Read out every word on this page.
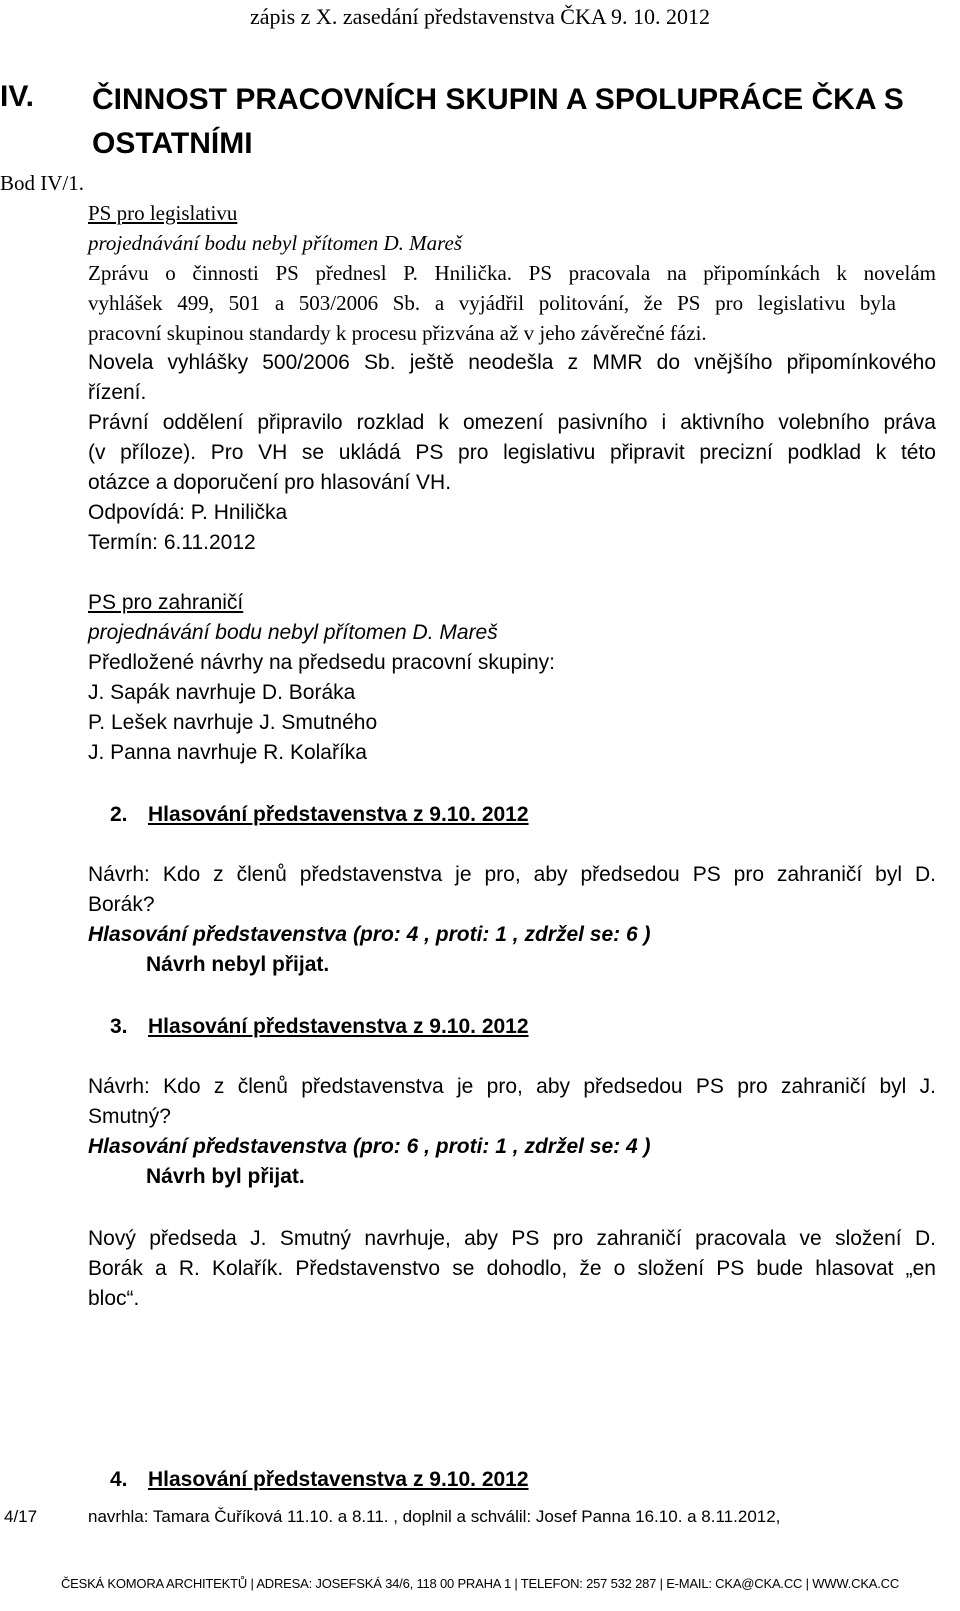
zápis z X. zasedání představenstva ČKA 9. 10. 2012
IV. ČINNOST PRACOVNÍCH SKUPIN A SPOLUPRÁCE ČKA S OSTATNÍMI
Bod IV/1.
PS pro legislativu
projednávání bodu nebyl přítomen D. Mareš
Zprávu o činnosti PS přednesl P. Hnilička. PS pracovala na připomínkách k novelám
vyhlášek 499, 501 a 503/2006 Sb. a vyjádřil politování, že PS pro legislativu byla
pracovní skupinou standardy k procesu přizvána až v jeho závěrečné fázi.
Novela vyhlášky 500/2006 Sb. ještě neodešla z MMR do vnějšího připomínkového
řízení.
Právní oddělení připravilo rozklad k omezení pasivního i aktivního volebního práva
(v příloze). Pro VH se ukládá PS pro legislativu připravit precizní podklad k této
otázce a doporučení pro hlasování VH.
Odpovídá: P. Hnilička
Termín: 6.11.2012
PS pro zahraničí
projednávání bodu nebyl přítomen D. Mareš
Předložené návrhy na předsedu pracovní skupiny:
J. Sapák navrhuje D. Boráka
P. Lešek navrhuje J. Smutného
J. Panna navrhuje R. Kolaříka
2. Hlasování představenstva z 9.10. 2012
Návrh: Kdo z členů představenstva je pro, aby předsedou PS pro zahraničí byl D.
Borák?
Hlasování představenstva (pro: 4 , proti: 1 , zdržel se: 6 )
Návrh nebyl přijat.
3. Hlasování představenstva z 9.10. 2012
Návrh: Kdo z členů představenstva je pro, aby předsedou PS pro zahraničí byl J.
Smutný?
Hlasování představenstva (pro: 6 , proti: 1 , zdržel se: 4 )
Návrh byl přijat.
Nový předseda J. Smutný navrhuje, aby PS pro zahraničí pracovala ve složení D.
Borák a R. Kolařík. Představenstvo se dohodlo, že o složení PS bude hlasovat „en
bloc“.
4. Hlasování představenstva z 9.10. 2012
4/17	navrhla: Tamara Čuříková 11.10. a 8.11. , doplnil a schválil: Josef Panna 16.10. a 8.11.2012,
ČESKÁ KOMORA ARCHITEKTŮ | ADRESA: JOSEFSKÁ 34/6, 118 00 PRAHA 1 | TELEFON: 257 532 287 | E-MAIL: CKA@CKA.CC | WWW.CKA.CC
